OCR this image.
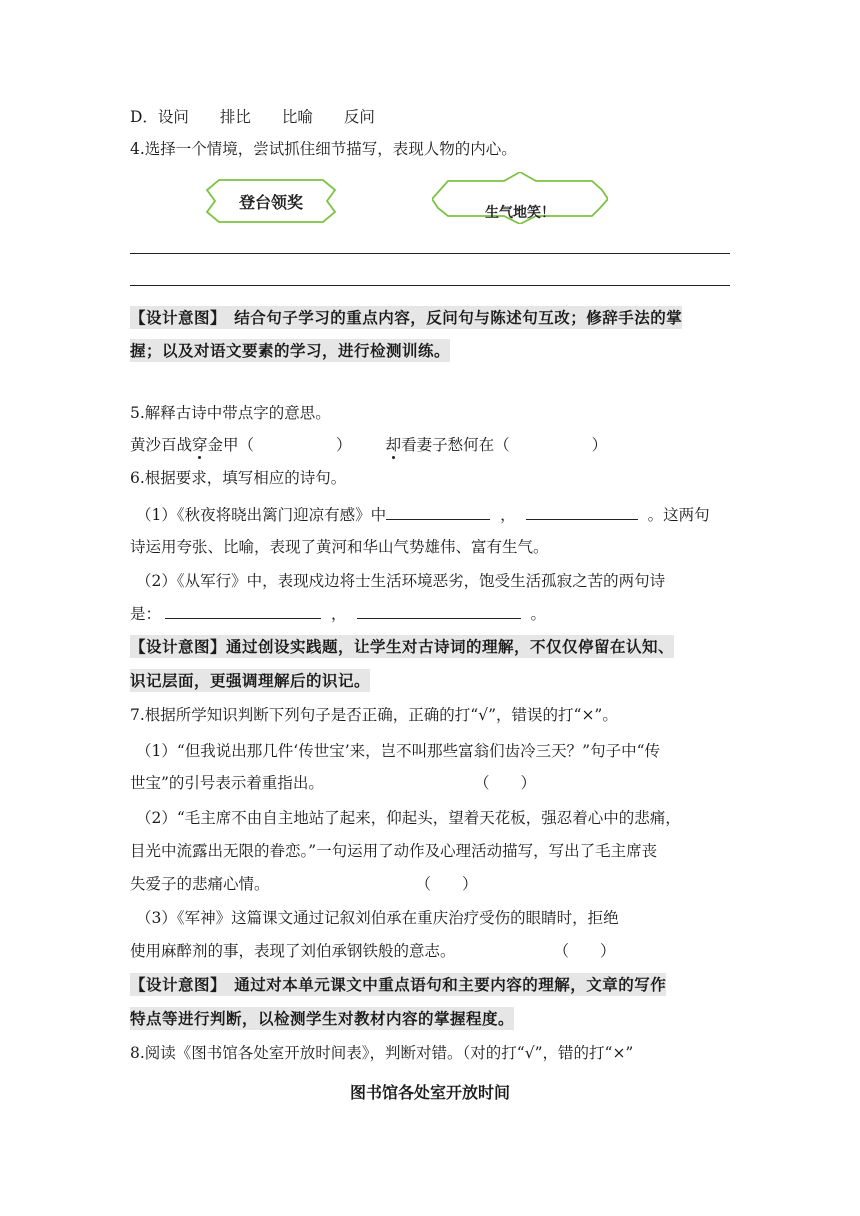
D．设问　　排比　　比喻　　反问
4.选择一个情境，尝试抓住细节描写，表现人物的内心。
登台领奖
生气地笑！
【设计意图】　结合句子学习的重点内容，反问句与陈述句互改；修辞手法的掌
握；以及对语文要素的学习，进行检测训练。
5.解释古诗中带点字的意思。
黄沙百战穿金甲（	） 却看妻子愁何在（	）
6.根据要求，填写相应的诗句。
（1）《秋夜将晓出篱门迎凉有感》中	，	。这两句
诗运用夸张、比喻，表现了黄河和华山气势雄伟、富有生气。
（2）《从军行》中，表现戍边将士生活环境恶劣，饱受生活孤寂之苦的两句诗
是：	，	。
【设计意图】通过创设实践题，让学生对古诗词的理解，不仅仅停留在认知、
识记层面，更强调理解后的识记。
7.根据所学知识判断下列句子是否正确，正确的打“√”，错误的打“×”。
（1）“但我说出那几件‘传世宝’来，岂不叫那些富翁们齿冷三天？”句子中“传
世宝”的引号表示着重指出。	（　　）
（2）“毛主席不由自主地站了起来，仰起头，望着天花板，强忍着心中的悲痛，
目光中流露出无限的眷恋。”一句运用了动作及心理活动描写，写出了毛主席丧
失爱子的悲痛心情。	（　　）
（3）《军神》这篇课文通过记叙刘伯承在重庆治疗受伤的眼睛时，拒绝
使用麻醉剂的事，表现了刘伯承钢铁般的意志。	（　　）
【设计意图】　通过对本单元课文中重点语句和主要内容的理解，文章的写作
特点等进行判断，以检测学生对教材内容的掌握程度。
8.阅读《图书馆各处室开放时间表》，判断对错。（对的打“√”，错的打“×”
图书馆各处室开放时间
